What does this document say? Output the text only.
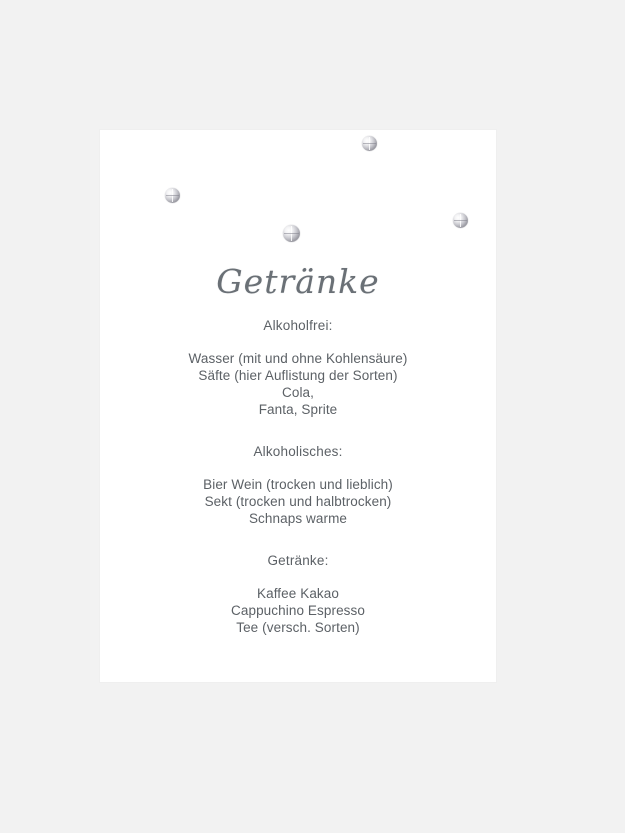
Getränke
Alkoholfrei:
Wasser (mit und ohne Kohlensäure)
Säfte (hier Auflistung der Sorten)
Cola,
Fanta, Sprite
Alkoholisches:
Bier Wein (trocken und lieblich)
Sekt (trocken und halbtrocken)
Schnaps warme
Getränke:
Kaffee Kakao
Cappuchino Espresso
Tee (versch. Sorten)
